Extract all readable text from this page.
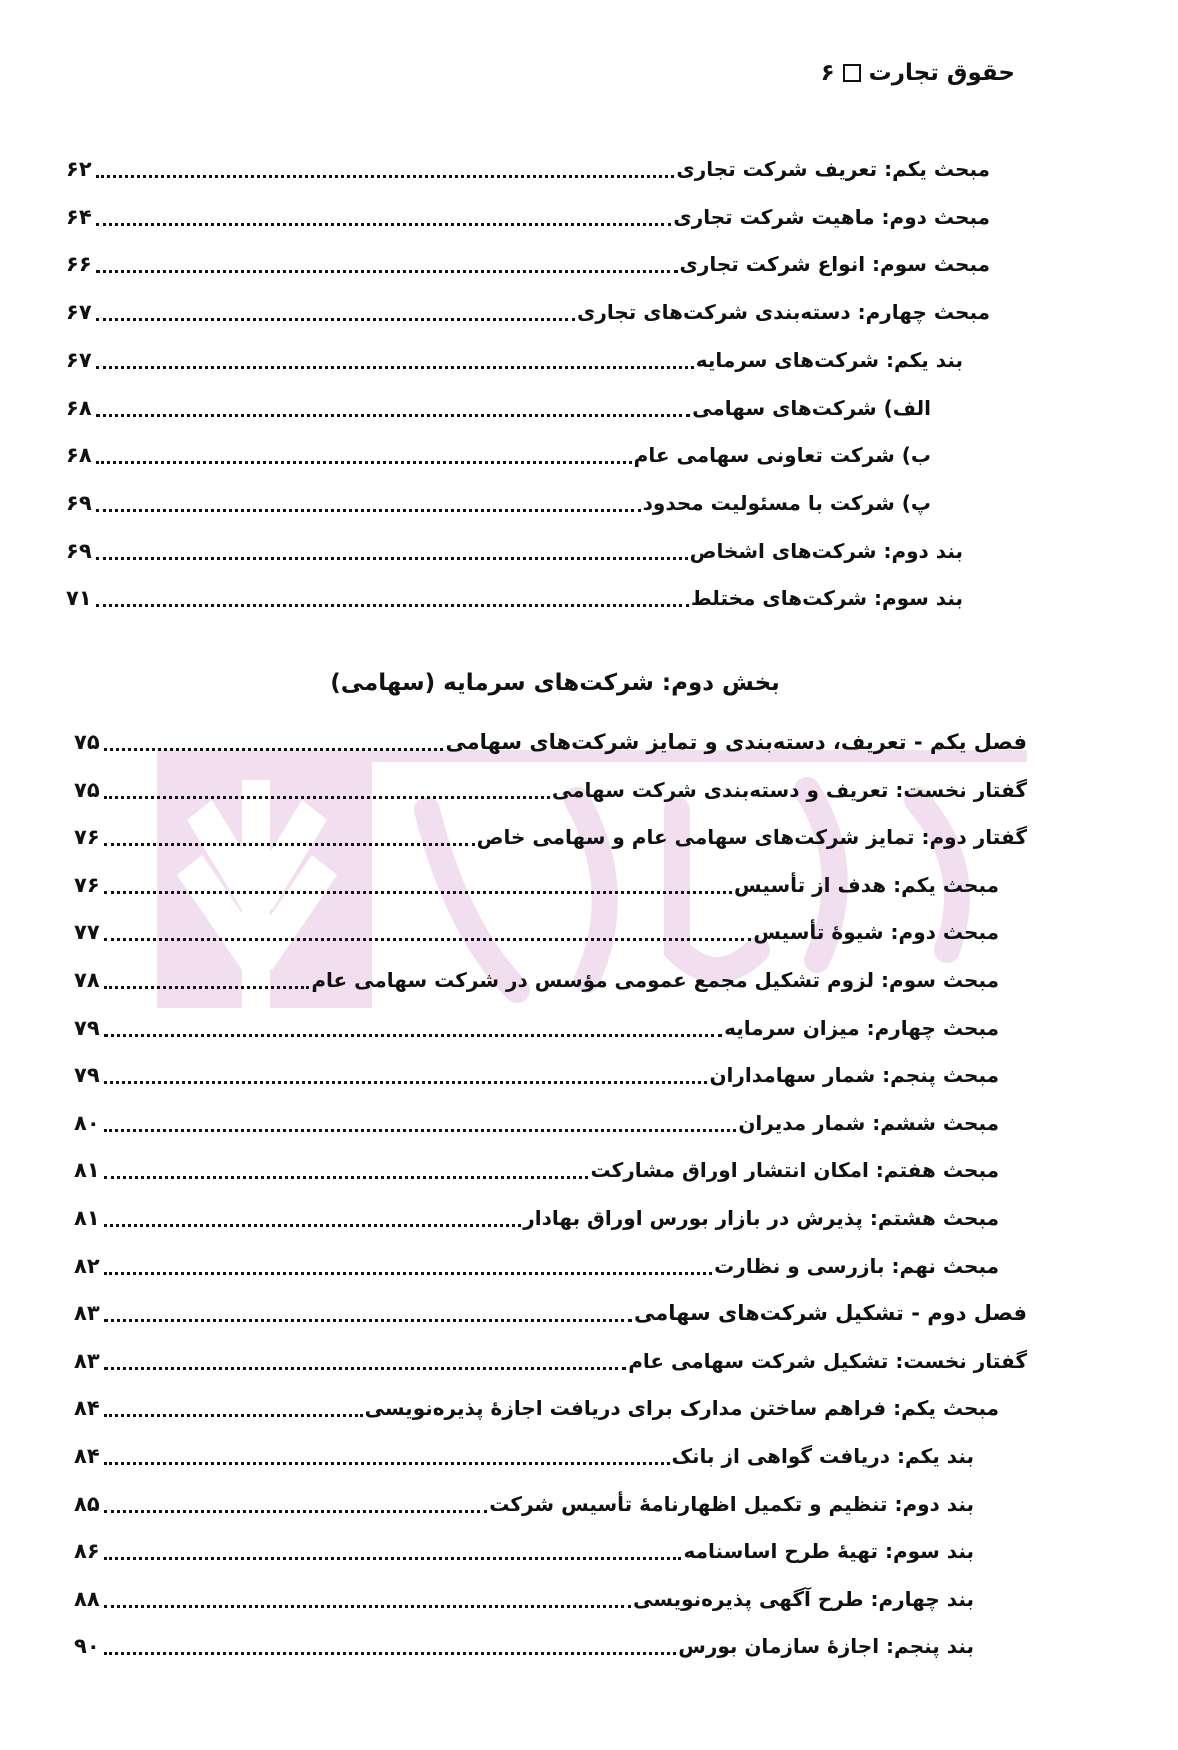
حقوق تجارت
۶
مبحث یکم: تعریف شرکت تجاری
۶۲
مبحث دوم: ماهیت شرکت تجاری
۶۴
مبحث سوم: انواع شرکت تجاری
۶۶
مبحث چهارم: دسته‌بندی شرکت‌های تجاری
۶۷
بند یکم: شرکت‌های سرمایه
۶۷
الف) شرکت‌های سهامی
۶۸
ب) شرکت تعاونی سهامی عام
۶۸
پ) شرکت با مسئولیت محدود
۶۹
بند دوم: شرکت‌های اشخاص
۶۹
بند سوم: شرکت‌های مختلط
۷۱
بخش دوم: شرکت‌های سرمایه (سهامی)
فصل یکم - تعریف، دسته‌بندی و تمایز شرکت‌های سهامی
۷۵
گفتار نخست: تعریف و دسته‌بندی شرکت سهامی
۷۵
گفتار دوم: تمایز شرکت‌های سهامی عام و سهامی خاص
۷۶
مبحث یکم: هدف از تأسیس
۷۶
مبحث دوم: شیوهٔ تأسیس
۷۷
مبحث سوم: لزوم تشکیل مجمع عمومی مؤسس در شرکت سهامی عام
۷۸
مبحث چهارم: میزان سرمایه
۷۹
مبحث پنجم: شمار سهامداران
۷۹
مبحث ششم: شمار مدیران
۸۰
مبحث هفتم: امکان انتشار اوراق مشارکت
۸۱
مبحث هشتم: پذیرش در بازار بورس اوراق بهادار
۸۱
مبحث نهم: بازرسی و نظارت
۸۲
فصل دوم - تشکیل شرکت‌های سهامی
۸۳
گفتار نخست: تشکیل شرکت سهامی عام
۸۳
مبحث یکم: فراهم ساختن مدارک برای دریافت اجازهٔ پذیره‌نویسی
۸۴
بند یکم: دریافت گواهی از بانک
۸۴
بند دوم: تنظیم و تکمیل اظهارنامهٔ تأسیس شرکت
۸۵
بند سوم: تهیهٔ طرح اساسنامه
۸۶
بند چهارم: طرح آگهی پذیره‌نویسی
۸۸
بند پنجم: اجازهٔ سازمان بورس
۹۰
